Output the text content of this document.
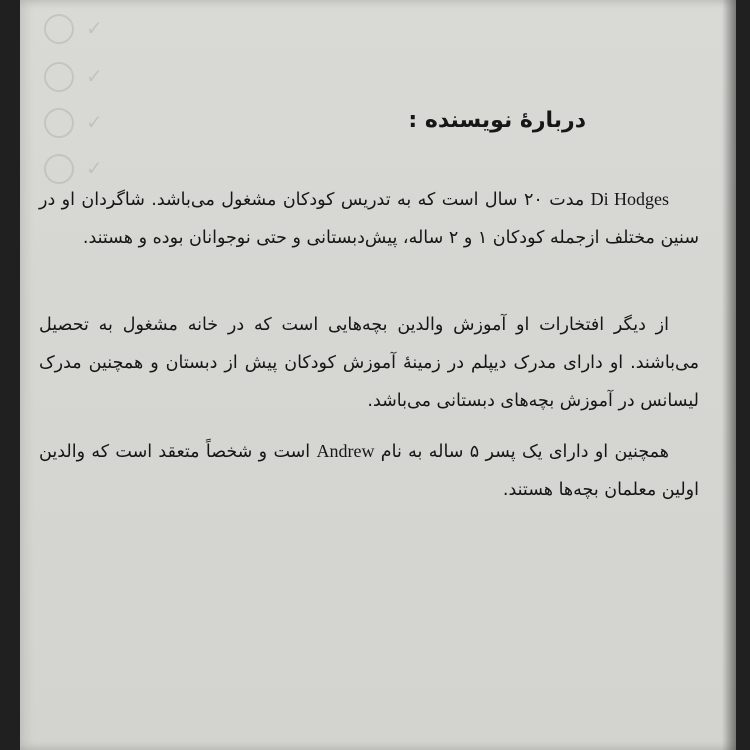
✓
✓
✓
✓
درباره‌ٔ نویسنده :
Di Hodges مدت ۲۰ سال است که به تدریس کودکان مشغول می‌باشد. شاگردان او در سنین مختلف ازجمله کودکان ۱ و ۲ ساله، پیش‌دبستانی و حتی نوجوانان بوده و هستند.
از دیگر افتخارات او آموزش والدین بچه‌هایی است که در خانه مشغول به تحصیل می‌باشند. او دارای مدرک دیپلم در زمینهٔ آموزش کودکان پیش از دبستان و همچنین مدرک لیسانس در آموزش بچه‌های دبستانی می‌باشد.
همچنین او دارای یک پسر ۵ ساله به نام Andrew است و شخصاً متعقد است که والدین اولین معلمان بچه‌ها هستند.
